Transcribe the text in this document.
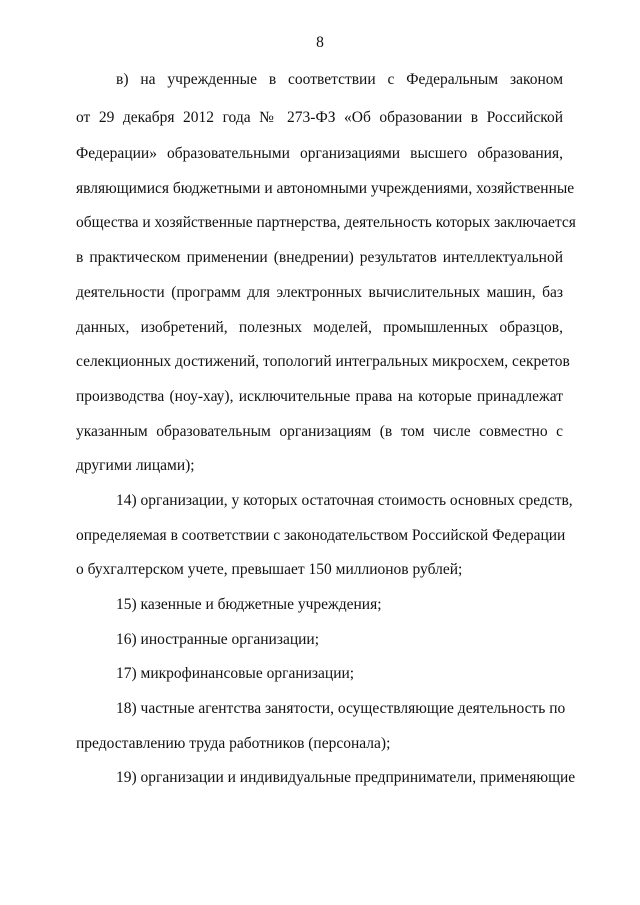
8
в) на учрежденные в соответствии с Федеральным законом
от 29 декабря 2012 года № 273-ФЗ «Об образовании в Российской
Федерации» образовательными организациями высшего образования,
являющимися бюджетными и автономными учреждениями, хозяйственные
общества и хозяйственные партнерства, деятельность которых заключается
в практическом применении (внедрении) результатов интеллектуальной
деятельности (программ для электронных вычислительных машин, баз
данных, изобретений, полезных моделей, промышленных образцов,
селекционных достижений, топологий интегральных микросхем, секретов
производства (ноу-хау), исключительные права на которые принадлежат
указанным образовательным организациям (в том числе совместно с
другими лицами);
14) организации, у которых остаточная стоимость основных средств,
определяемая в соответствии с законодательством Российской Федерации
о бухгалтерском учете, превышает 150 миллионов рублей;
15) казенные и бюджетные учреждения;
16) иностранные организации;
17) микрофинансовые организации;
18) частные агентства занятости, осуществляющие деятельность по
предоставлению труда работников (персонала);
19) организации и индивидуальные предприниматели, применяющие
